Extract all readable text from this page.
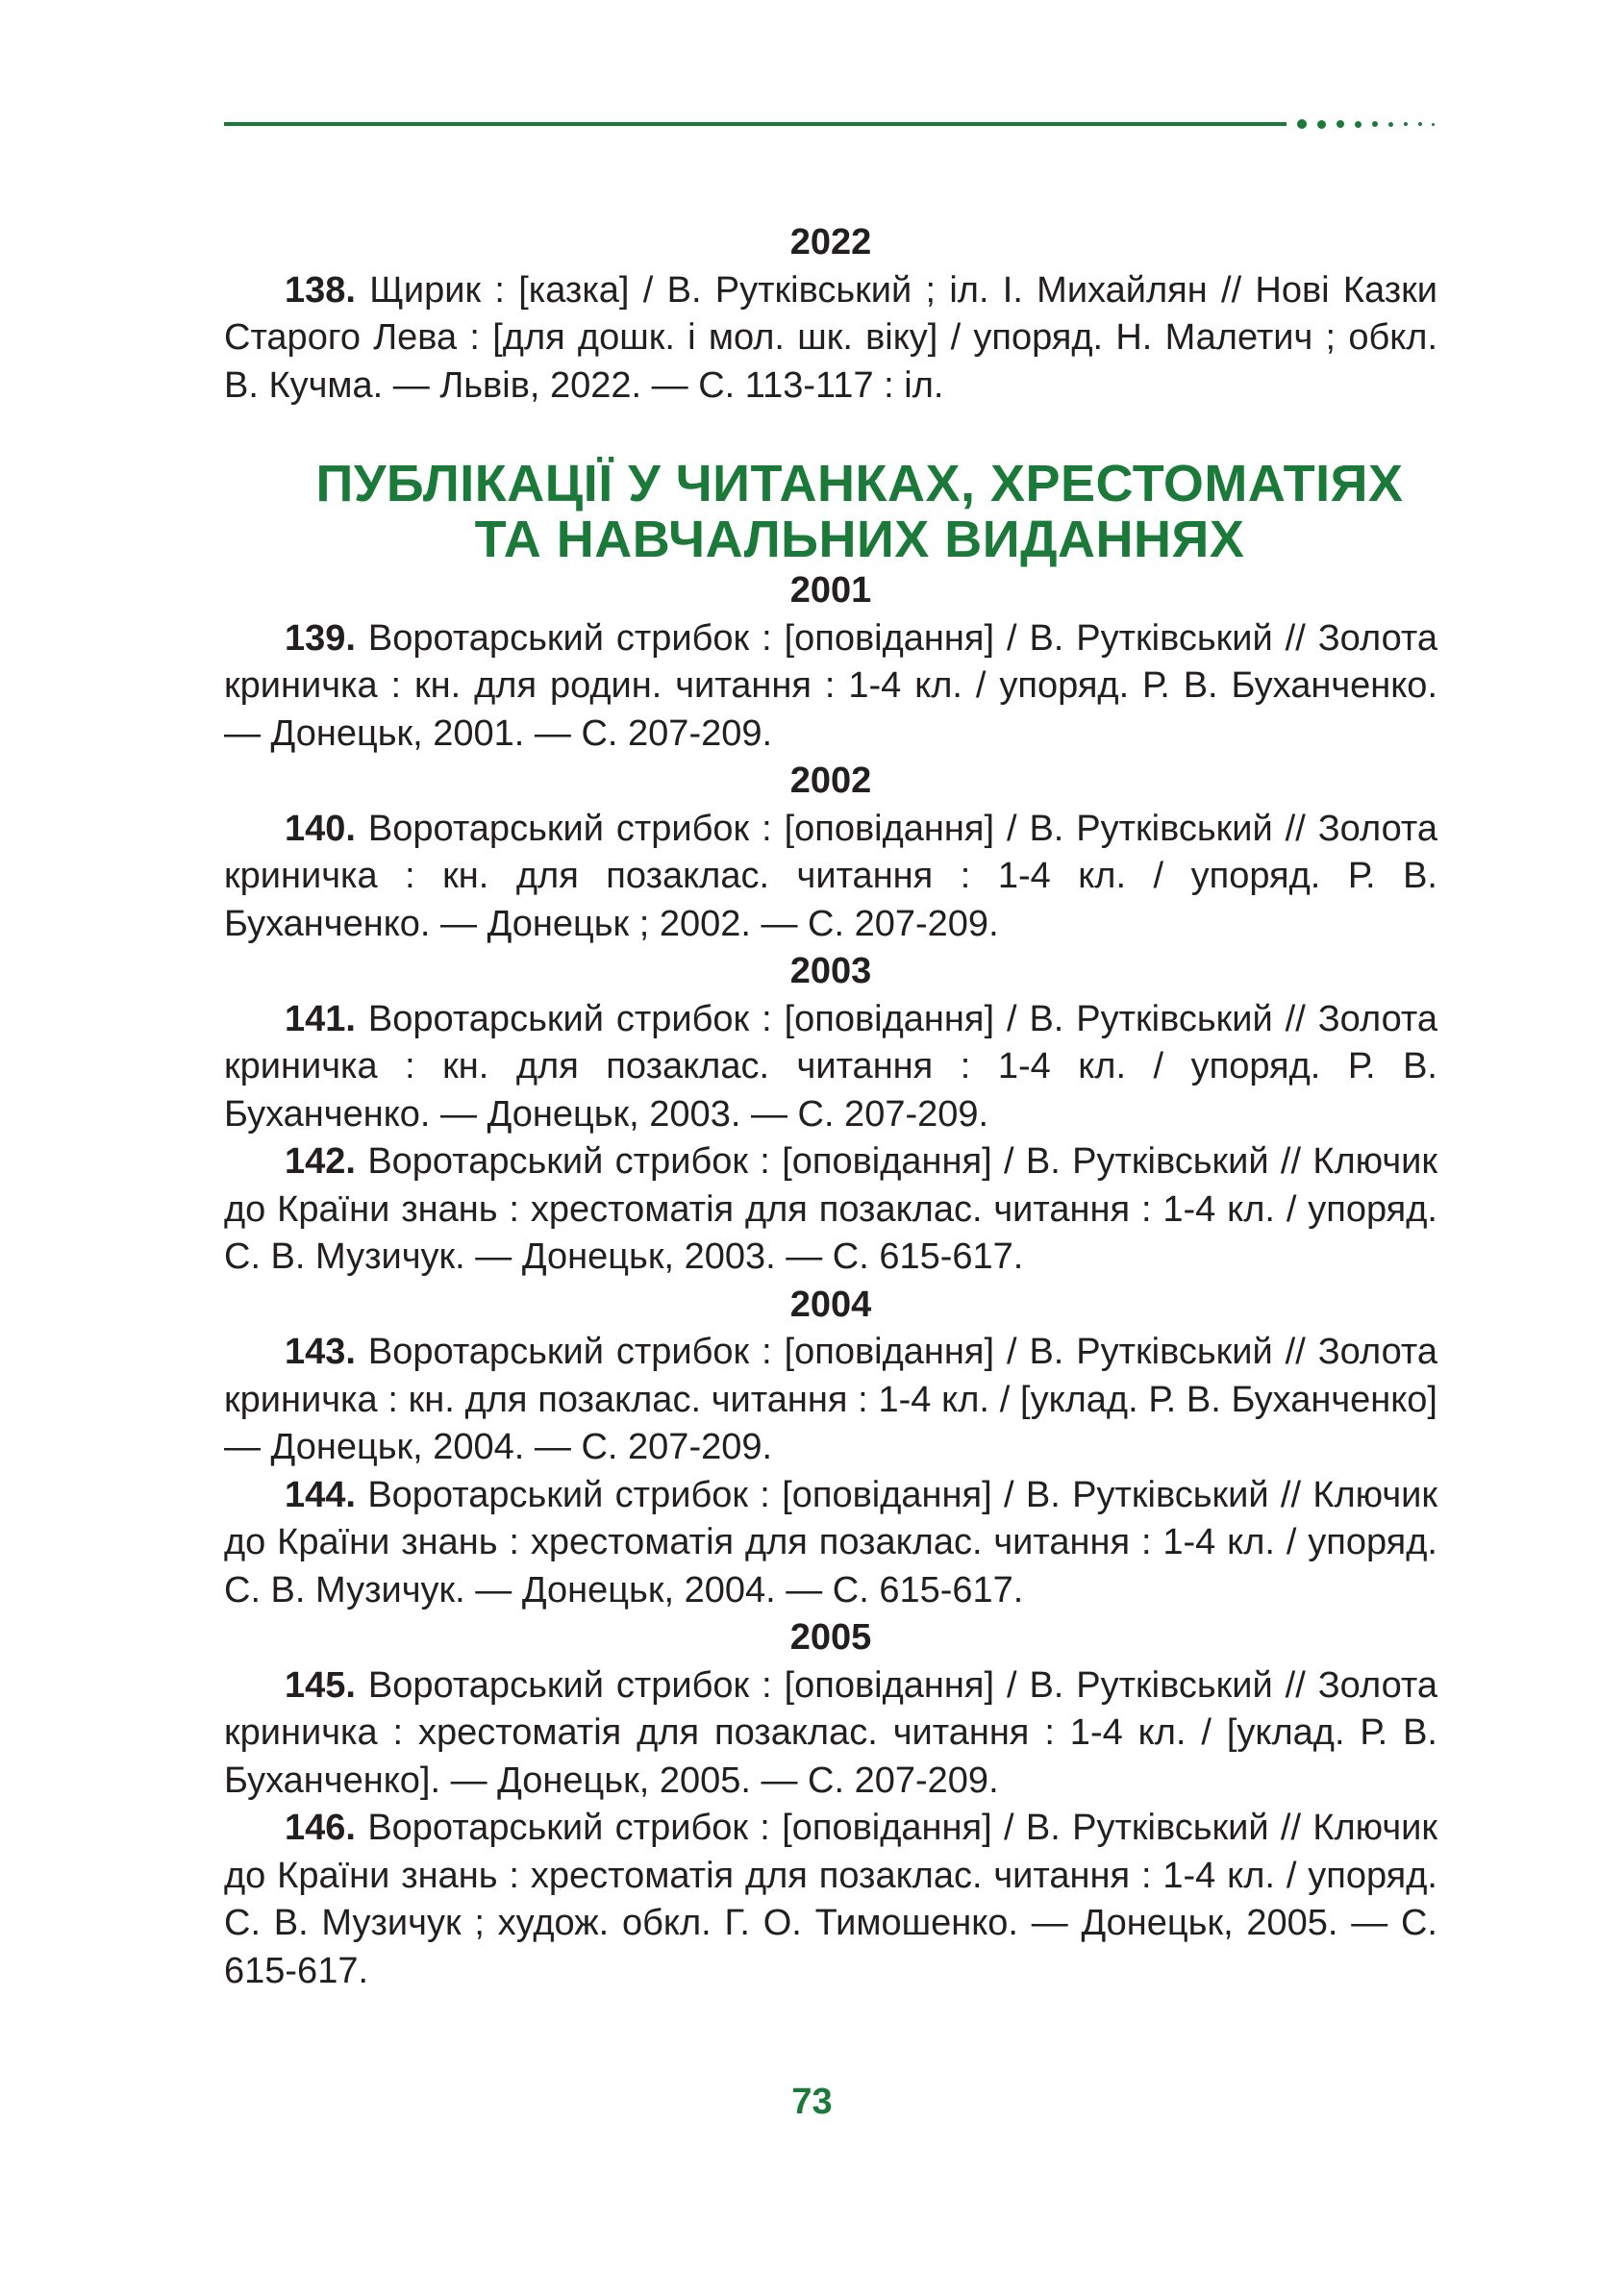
2022

138. Щирик : [казка] / В. Рутківський ; іл. І. Михайлян // Нові Казки Старого Лева : [для дошк. і мол. шк. віку] / упоряд. Н. Малетич ; обкл. В. Кучма. — Львів, 2022. — С. 113-117 : іл.

ПУБЛІКАЦІЇ У ЧИТАНКАХ, ХРЕСТОМАТІЯХ
ТА НАВЧАЛЬНИХ ВИДАННЯХ

2001

139. Воротарський стрибок : [оповідання] / В. Рутківський // Золота криничка : кн. для родин. читання : 1-4 кл. / упоряд. Р. В. Буханченко. — Донецьк, 2001. — С. 207-209.

2002

140. Воротарський стрибок : [оповідання] / В. Рутківський // Золота криничка : кн. для позаклас. читання : 1-4 кл. / упоряд. Р. В. Буханченко. — Донецьк ; 2002. — С. 207-209.

2003

141. Воротарський стрибок : [оповідання] / В. Рутківський // Золота криничка : кн. для позаклас. читання : 1-4 кл. / упоряд. Р. В. Буханченко. — Донецьк, 2003. — С. 207-209.

142. Воротарський стрибок : [оповідання] / В. Рутківський // Ключик до Країни знань : хрестоматія для позаклас. читання : 1-4 кл. / упоряд. С. В. Музичук. — Донецьк, 2003. — С. 615-617.

2004

143. Воротарський стрибок : [оповідання] / В. Рутківський // Золота криничка : кн. для позаклас. читання : 1-4 кл. / [уклад. Р. В. Буханченко] — Донецьк, 2004. — С. 207-209.

144. Воротарський стрибок : [оповідання] / В. Рутківський // Ключик до Країни знань : хрестоматія для позаклас. читання : 1-4 кл. / упоряд. С. В. Музичук. — Донецьк, 2004. — С. 615-617.

2005

145. Воротарський стрибок : [оповідання] / В. Рутківський // Золота криничка : хрестоматія для позаклас. читання : 1-4 кл. / [уклад. Р. В. Буханченко]. — Донецьк, 2005. — С. 207-209.

146. Воротарський стрибок : [оповідання] / В. Рутківський // Ключик до Країни знань : хрестоматія для позаклас. читання : 1-4 кл. / упоряд. С. В. Музичук ; худож. обкл. Г. О. Тимошенко. — Донецьк, 2005. — С. 615-617.

73
